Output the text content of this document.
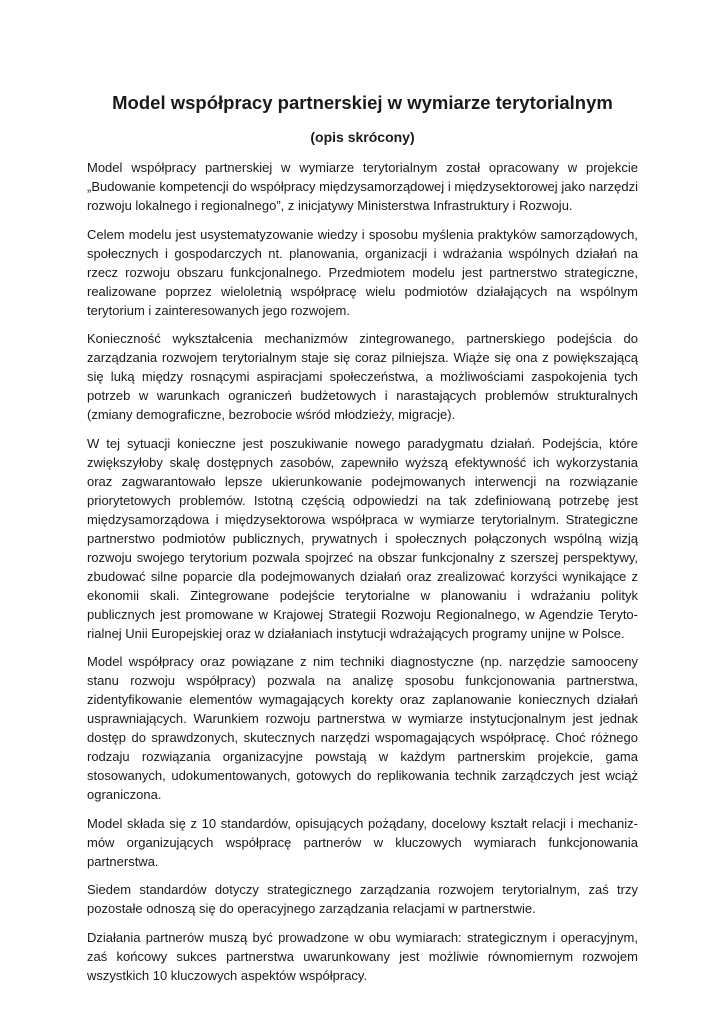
Model współpracy partnerskiej w wymiarze terytorialnym
(opis skrócony)

Model współpracy partnerskiej w wymiarze terytorialnym został opracowany w projekcie „Budowanie kompetencji do współpracy międzysamorządowej i międzysektorowej jako narzędzi rozwoju lokalnego i regionalnego”, z inicjatywy Ministerstwa Infrastruktury i Rozwoju.

Celem modelu jest usystematyzowanie wiedzy i sposobu myślenia praktyków samorządowych, społecznych i gospodarczych nt. planowania, organizacji i wdrażania wspólnych działań na rzecz rozwoju obszaru funkcjonalnego. Przedmiotem modelu jest partnerstwo strategiczne, realizowane poprzez wieloletnią współpracę wielu podmiotów działających na wspólnym terytorium i zainteresowanych jego rozwojem.

Konieczność wykształcenia mechanizmów zintegrowanego, partnerskiego podejścia do zarządzania rozwojem terytorialnym staje się coraz pilniejsza. Wiąże się ona z powiększającą się luką między rosnącymi aspiracjami społeczeństwa, a możliwościami zaspokojenia tych potrzeb w warunkach ograniczeń budżetowych i narastających problemów strukturalnych (zmiany demograficzne, bezrobocie wśród młodzieży, migracje).

W tej sytuacji konieczne jest poszukiwanie nowego paradygmatu działań. Podejścia, które zwiększyłoby skalę dostępnych zasobów, zapewniło wyższą efektywność ich wykorzystania oraz zagwarantowało lepsze ukierunkowanie podejmowanych interwencji na rozwiązanie priorytetowych problemów. Istotną częścią odpowiedzi na tak zdefiniowaną potrzebę jest międzysamorządowa i międzysektorowa współpraca w wymiarze terytorialnym. Strategiczne partnerstwo podmiotów publicznych, prywatnych i społecznych połączonych wspólną wizją rozwoju swojego terytorium pozwala spojrzeć na obszar funkcjonalny z szerszej perspektywy, zbudować silne poparcie dla podejmowanych działań oraz zrealizować korzyści wynikające z ekonomii skali. Zintegrowane podejście terytorialne w planowaniu i wdrażaniu polityk publicznych jest promowane w Krajowej Strategii Rozwoju Regionalnego, w Agendzie Teryto-rialnej Unii Europejskiej oraz w działaniach instytucji wdrażających programy unijne w Polsce.

Model współpracy oraz powiązane z nim techniki diagnostyczne (np. narzędzie samooceny stanu rozwoju współpracy) pozwala na analizę sposobu funkcjonowania partnerstwa, zidentyfikowanie elementów wymagających korekty oraz zaplanowanie koniecznych działań usprawniających. Warunkiem rozwoju partnerstwa w wymiarze instytucjonalnym jest jednak dostęp do sprawdzonych, skutecznych narzędzi wspomagających współpracę. Choć różnego rodzaju rozwiązania organizacyjne powstają w każdym partnerskim projekcie, gama stosowanych, udokumentowanych, gotowych do replikowania technik zarządczych jest wciąż ograniczona.

Model składa się z 10 standardów, opisujących pożądany, docelowy kształt relacji i mechaniz-mów organizujących współpracę partnerów w kluczowych wymiarach funkcjonowania partnerstwa.

Siedem standardów dotyczy strategicznego zarządzania rozwojem terytorialnym, zaś trzy pozostałe odnoszą się do operacyjnego zarządzania relacjami w partnerstwie.

Działania partnerów muszą być prowadzone w obu wymiarach: strategicznym i operacyjnym, zaś końcowy sukces partnerstwa uwarunkowany jest możliwie równomiernym rozwojem wszystkich 10 kluczowych aspektów współpracy.
